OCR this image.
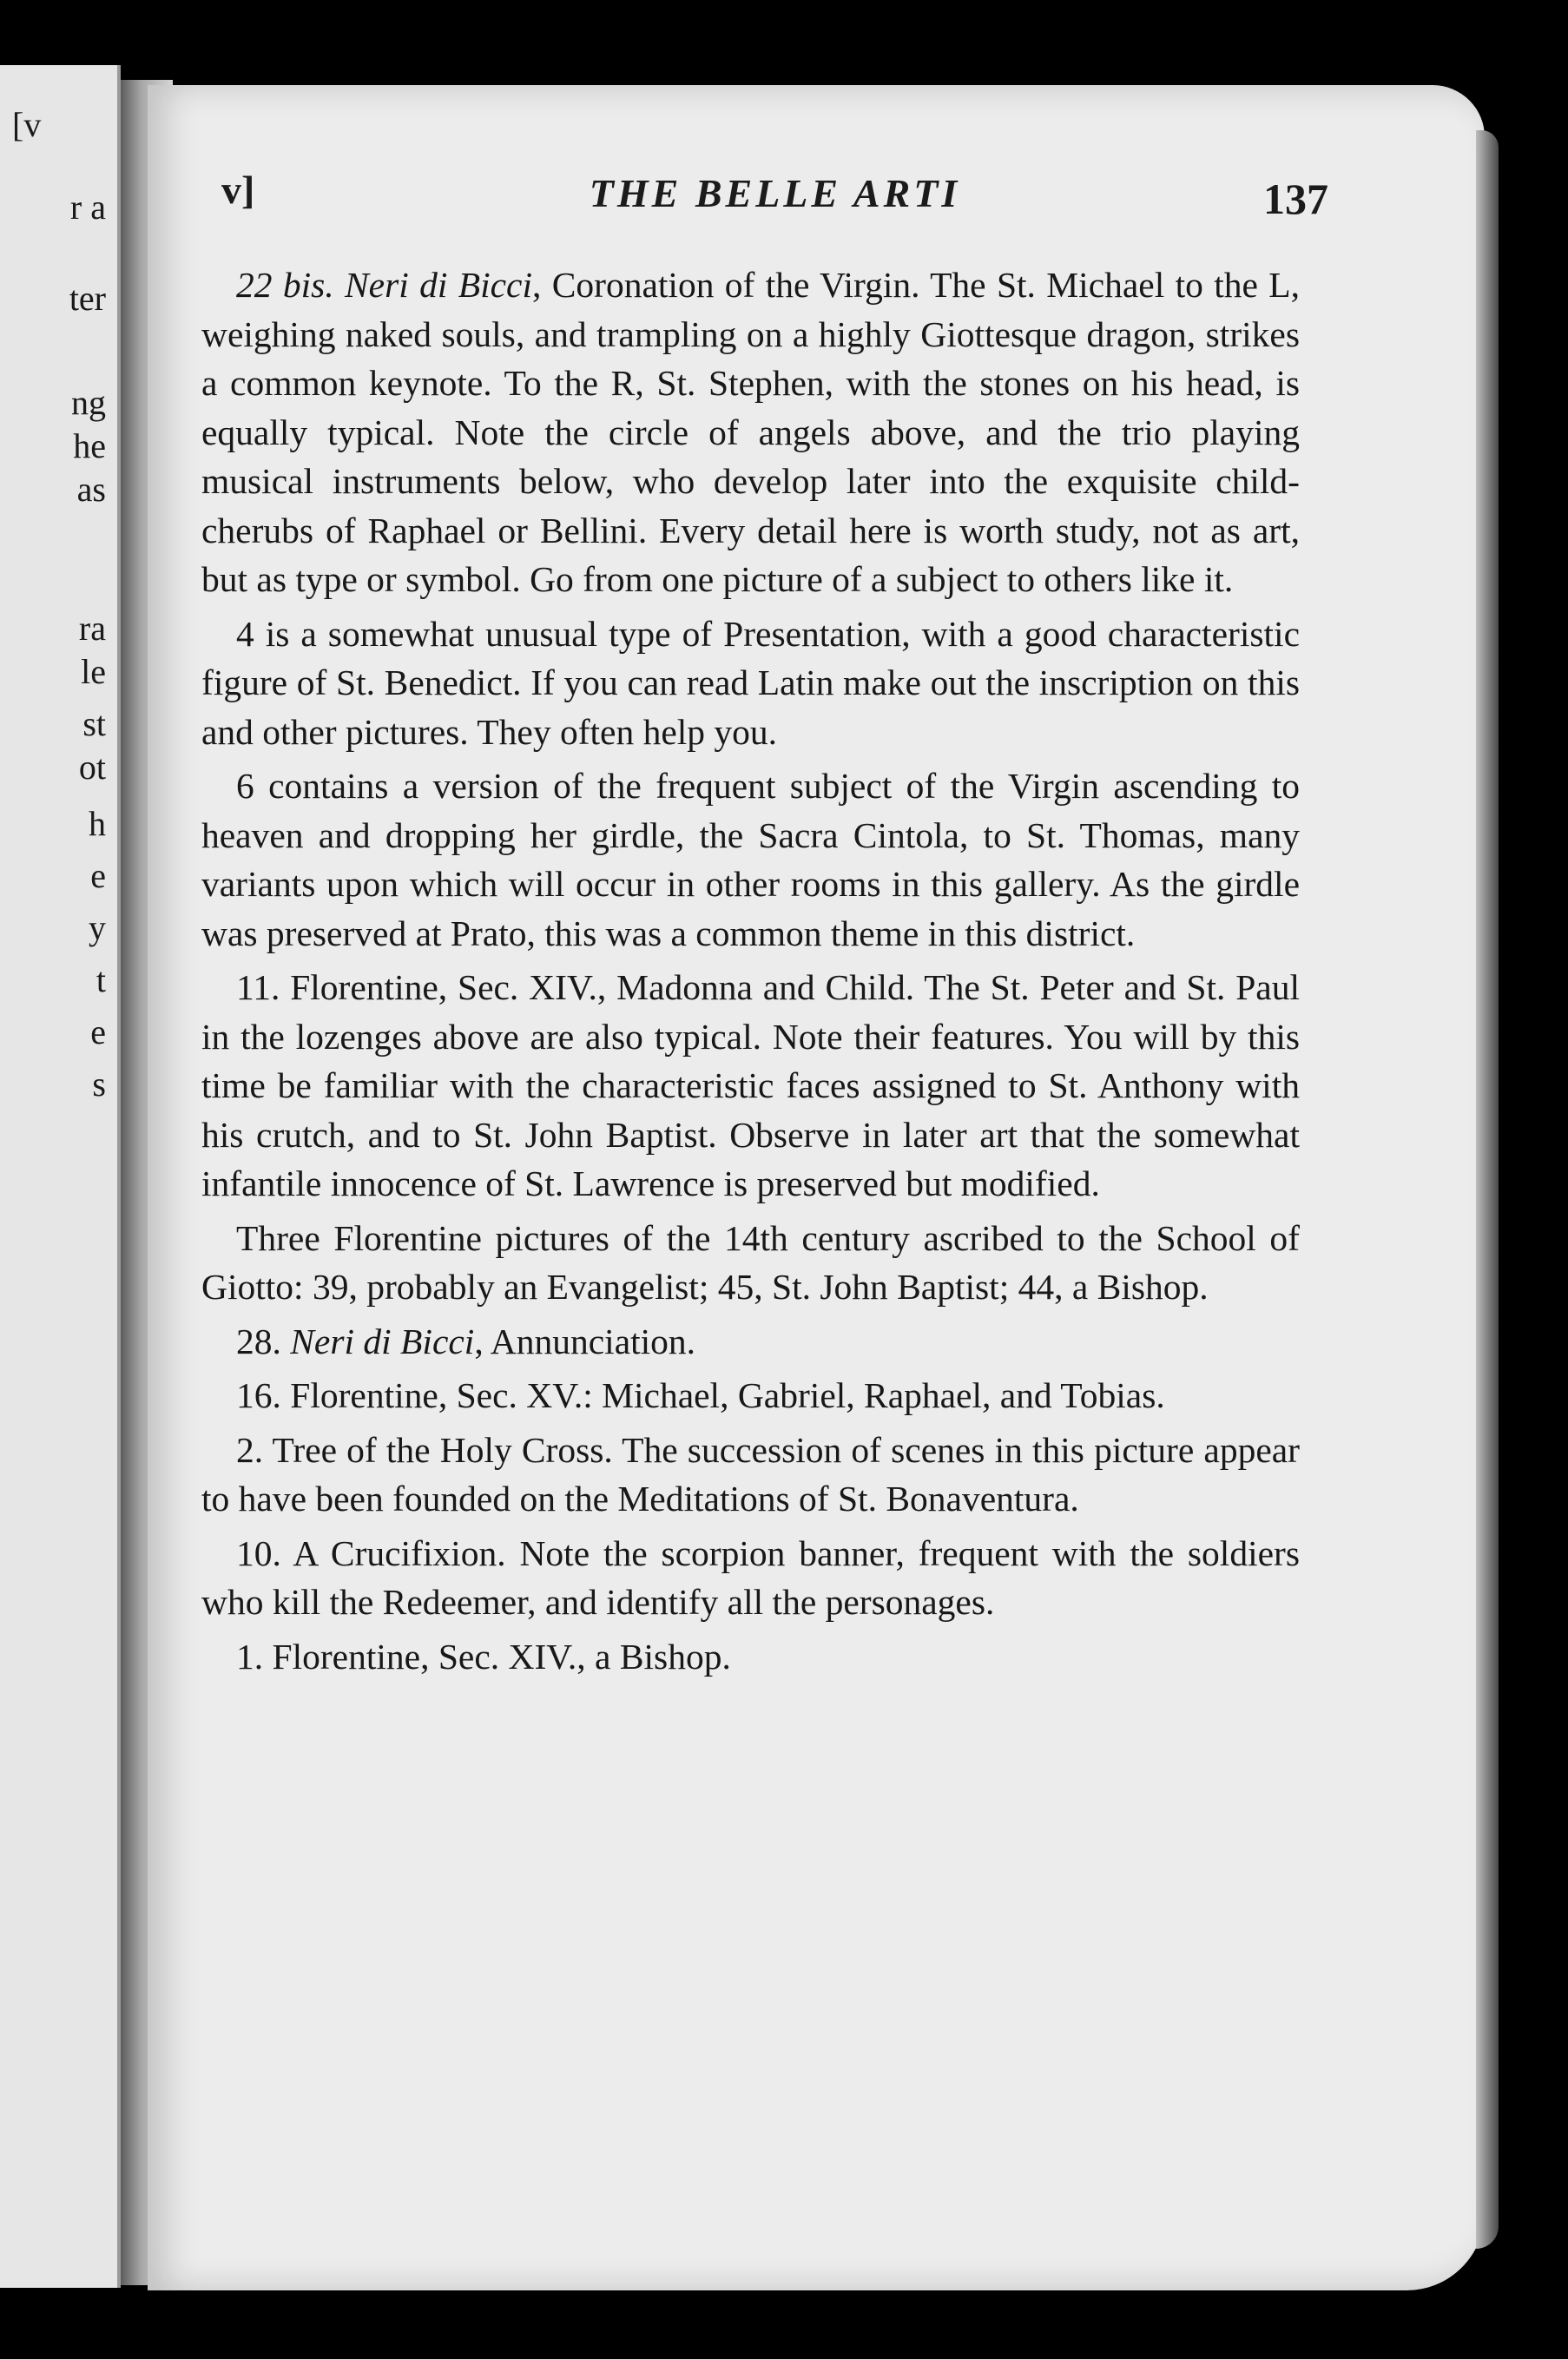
[v
r a
ter
ng
he
as
ra
le
st
ot
h
e
y
t
e
s
v]	THE BELLE ARTI	137

22 bis. Neri di Bicci, Coronation of the Virgin. The St. Michael to the L, weighing naked souls, and trampling on a highly Giottesque dragon, strikes a common keynote. To the R, St. Stephen, with the stones on his head, is equally typical. Note the circle of angels above, and the trio playing musical instruments below, who develop later into the exquisite child-cherubs of Raphael or Bellini. Every detail here is worth study, not as art, but as type or symbol. Go from one picture of a subject to others like it.

4 is a somewhat unusual type of Presentation, with a good characteristic figure of St. Benedict. If you can read Latin make out the inscription on this and other pictures. They often help you.

6 contains a version of the frequent subject of the Virgin ascending to heaven and dropping her girdle, the Sacra Cintola, to St. Thomas, many variants upon which will occur in other rooms in this gallery. As the girdle was preserved at Prato, this was a common theme in this district.

11. Florentine, Sec. XIV., Madonna and Child. The St. Peter and St. Paul in the lozenges above are also typical. Note their features. You will by this time be familiar with the characteristic faces assigned to St. Anthony with his crutch, and to St. John Baptist. Observe in later art that the somewhat infantile innocence of St. Lawrence is preserved but modified.

Three Florentine pictures of the 14th century ascribed to the School of Giotto: 39, probably an Evangelist; 45, St. John Baptist; 44, a Bishop.

28. Neri di Bicci, Annunciation.

16. Florentine, Sec. XV.: Michael, Gabriel, Raphael, and Tobias.

2. Tree of the Holy Cross. The succession of scenes in this picture appear to have been founded on the Meditations of St. Bonaventura.

10. A Crucifixion. Note the scorpion banner, frequent with the soldiers who kill the Redeemer, and identify all the personages.

1. Florentine, Sec. XIV., a Bishop.
